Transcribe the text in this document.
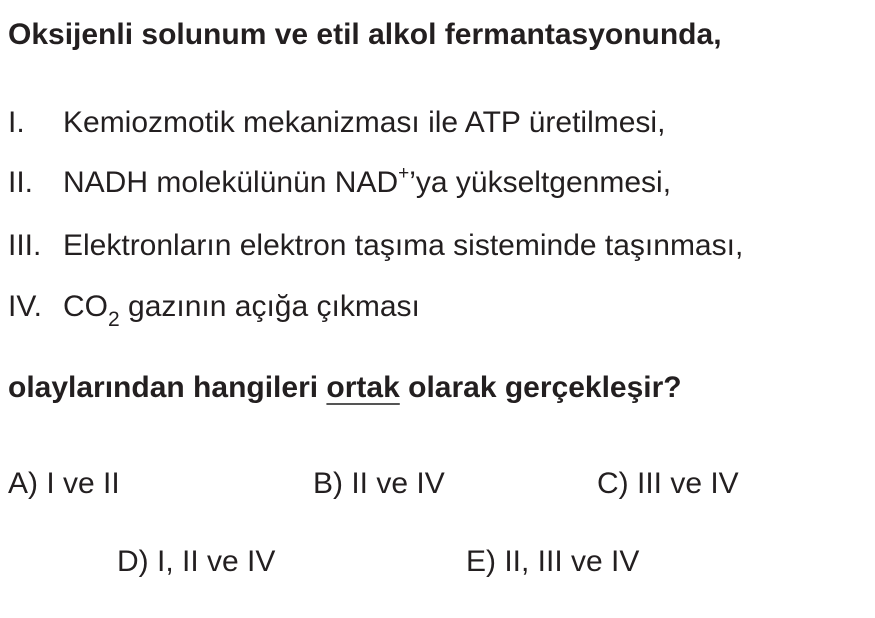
Oksijenli solunum ve etil alkol fermantasyonunda,
I. Kemiozmotik mekanizması ile ATP üretilmesi,
II. NADH molekülünün NAD+’ya yükseltgenmesi,
III. Elektronların elektron taşıma sisteminde taşınması,
IV. $CO_2$ gazının açığa çıkması
olaylarından hangileri ortak olarak gerçekleşir?
A) I ve II	B) II ve IV	C) III ve IV
D) I, II ve IV	E) II, III ve IV
